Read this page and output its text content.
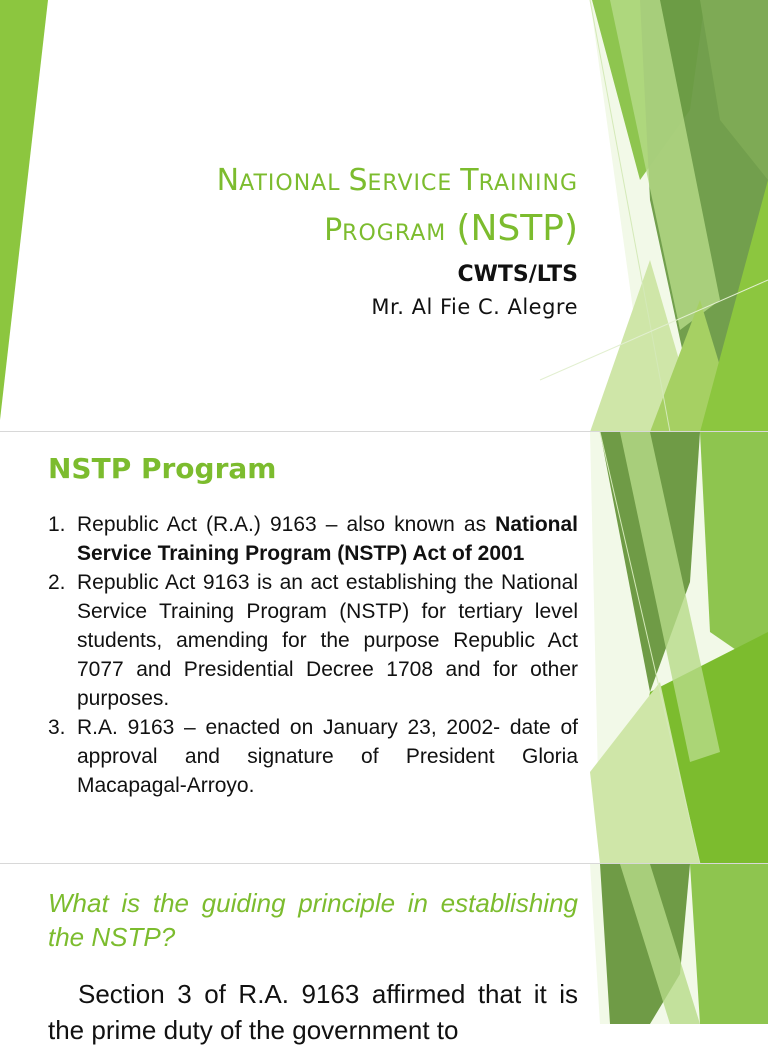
NATIONAL SERVICE TRAINING
PROGRAM (NSTP)
CWTS/LTS
Mr. Al Fie C. Alegre
NSTP Program
1. Republic Act (R.A.) 9163 – also known as National Service Training Program (NSTP) Act of 2001
2. Republic Act 9163 is an act establishing the National Service Training Program (NSTP) for tertiary level students, amending for the purpose Republic Act 7077 and Presidential Decree 1708 and for other purposes.
3. R.A. 9163 – enacted on January 23, 2002- date of approval and signature of President Gloria Macapagal-Arroyo.
What is the guiding principle in establishing the NSTP?

Section 3 of R.A. 9163 affirmed that it is the prime duty of the government to
